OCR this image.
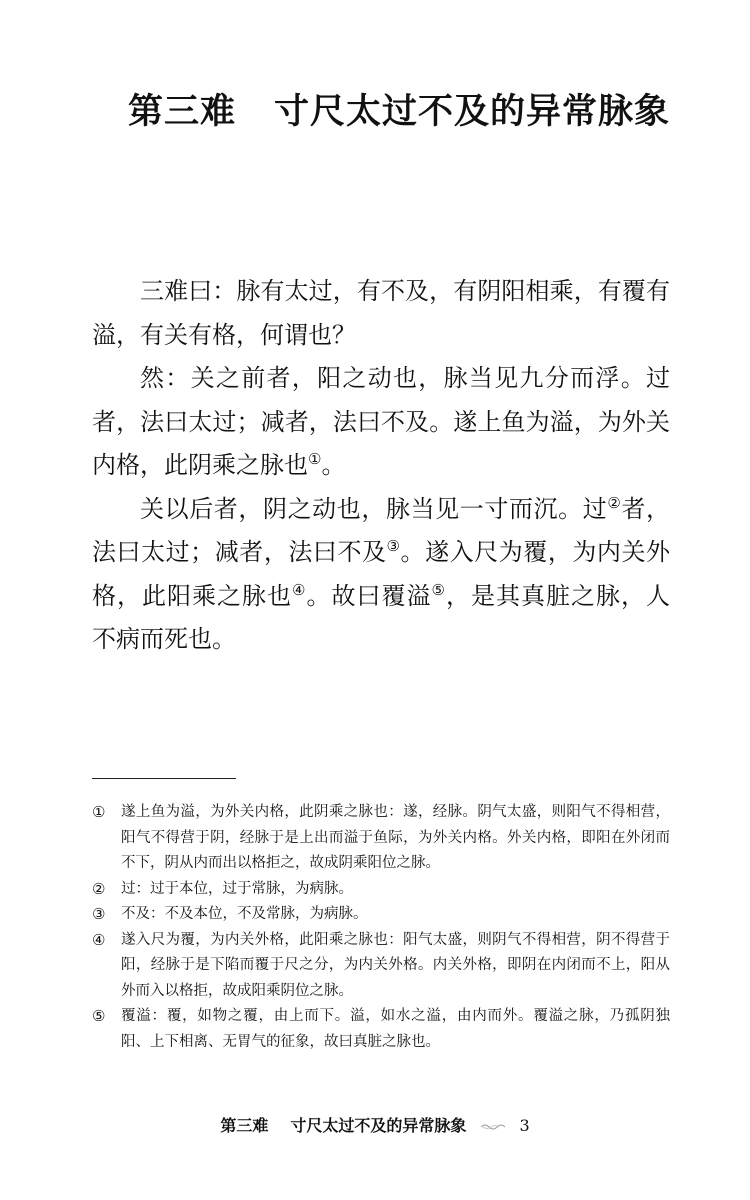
第三难 寸尺太过不及的异常脉象

三难曰：脉有太过，有不及，有阴阳相乘，有覆有溢，有关有格，何谓也？

然：关之前者，阳之动也，脉当见九分而浮。过者，法曰太过；减者，法曰不及。遂上鱼为溢，为外关内格，此阴乘之脉也①。

关以后者，阴之动也，脉当见一寸而沉。过②者，法曰太过；减者，法曰不及③。遂入尺为覆，为内关外格，此阳乘之脉也④。故曰覆溢⑤，是其真脏之脉，人不病而死也。

①	遂上鱼为溢，为外关内格，此阴乘之脉也：遂，经脉。阴气太盛，则阳气不得相营，阳气不得营于阴，经脉于是上出而溢于鱼际，为外关内格。外关内格，即阳在外闭而不下，阴从内而出以格拒之，故成阴乘阳位之脉。
②	过：过于本位，过于常脉，为病脉。
③	不及：不及本位，不及常脉，为病脉。
④	遂入尺为覆，为内关外格，此阳乘之脉也：阳气太盛，则阴气不得相营，阴不得营于阳，经脉于是下陷而覆于尺之分，为内关外格。内关外格，即阴在内闭而不上，阳从外而入以格拒，故成阳乘阴位之脉。
⑤	覆溢：覆，如物之覆，由上而下。溢，如水之溢，由内而外。覆溢之脉，乃孤阴独阳、上下相离、无胃气的征象，故曰真脏之脉也。
第三难 寸尺太过不及的异常脉象	3
